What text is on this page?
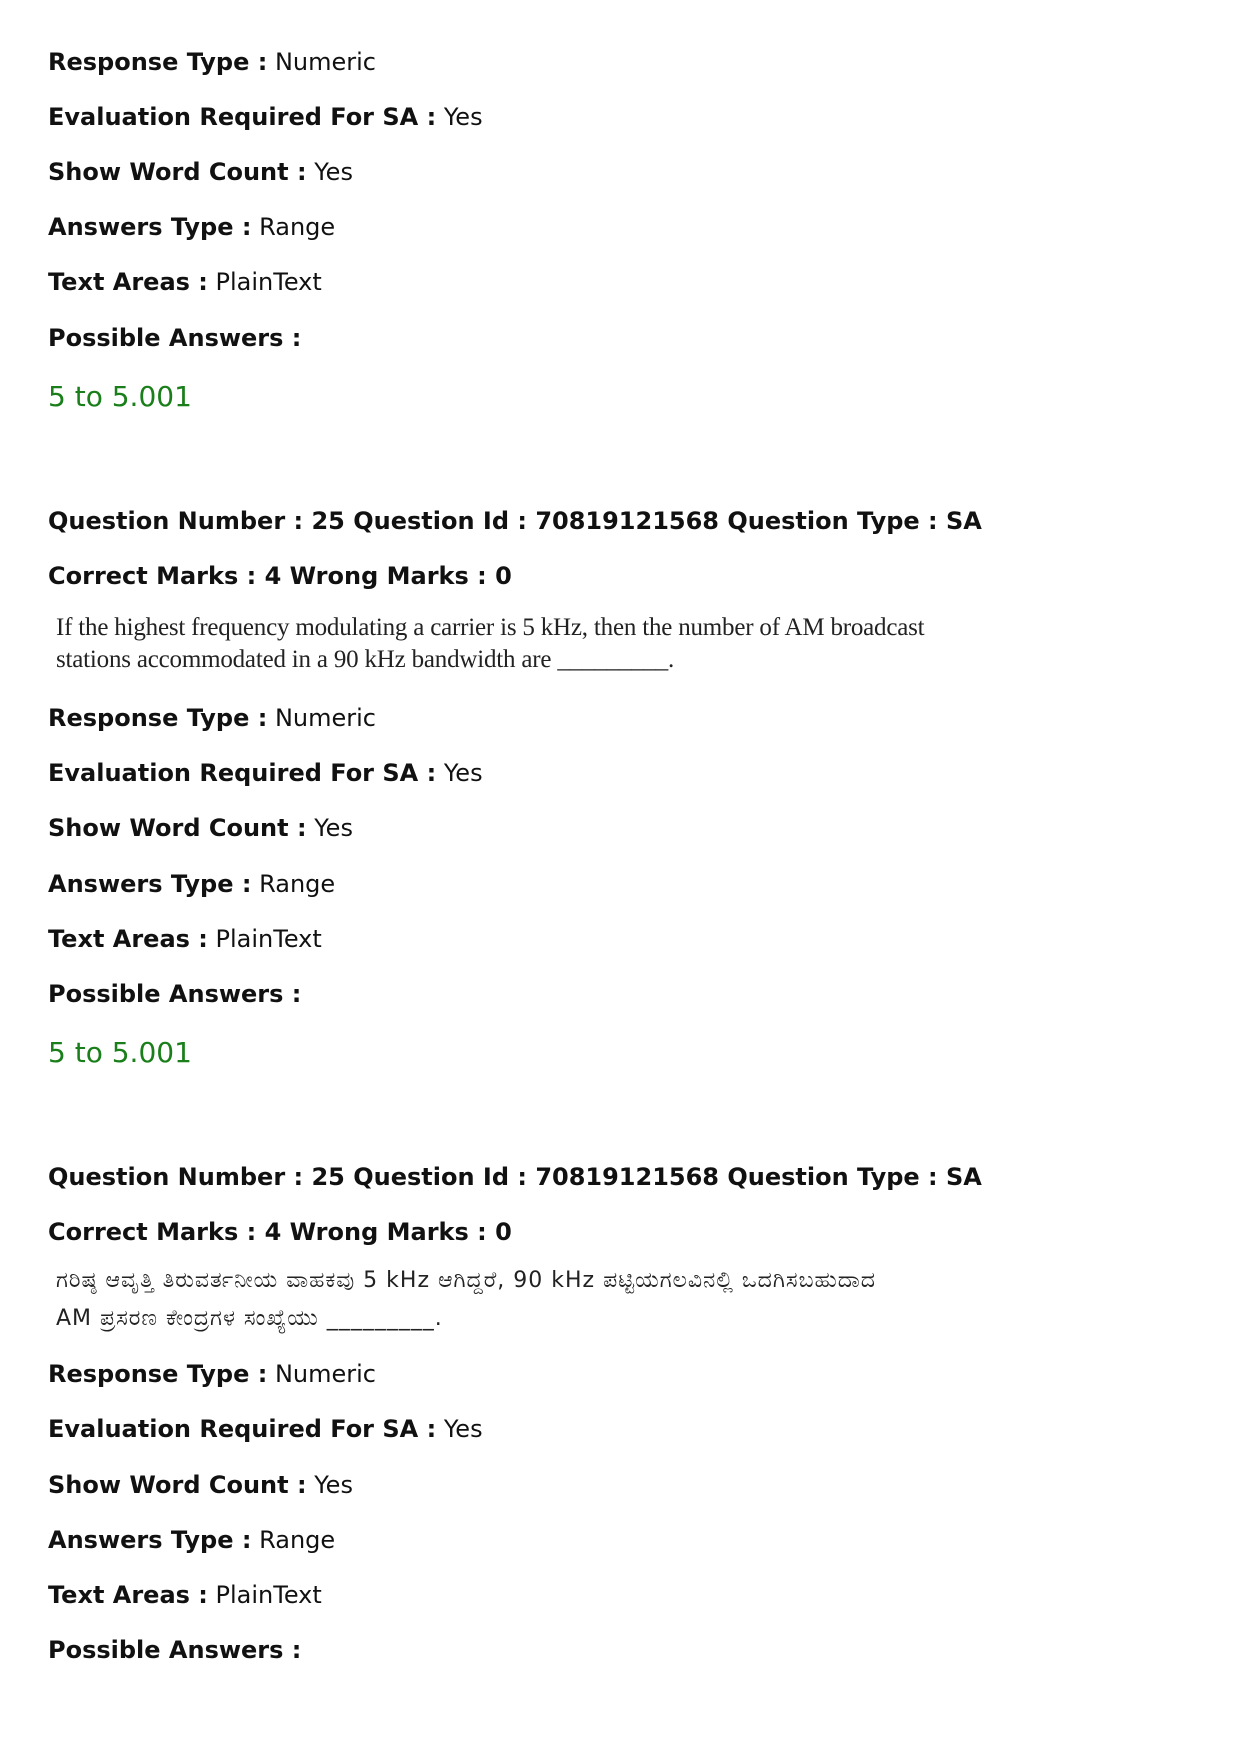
Response Type : Numeric
Evaluation Required For SA : Yes
Show Word Count : Yes
Answers Type : Range
Text Areas : PlainText
Possible Answers :
5 to 5.001
Question Number : 25 Question Id : 70819121568 Question Type : SA
Correct Marks : 4 Wrong Marks : 0
If the highest frequency modulating a carrier is 5 kHz, then the number of AM broadcast
stations accommodated in a 90 kHz bandwidth are _________.
Response Type : Numeric
Evaluation Required For SA : Yes
Show Word Count : Yes
Answers Type : Range
Text Areas : PlainText
Possible Answers :
5 to 5.001
Question Number : 25 Question Id : 70819121568 Question Type : SA
Correct Marks : 4 Wrong Marks : 0
ಗರಿಷ್ಠ ಆವೃತ್ತಿ ತಿರುವರ್ತನೀಯ ವಾಹಕವು 5 kHz ಆಗಿದ್ದರೆ, 90 kHz ಪಟ್ಟಿಯಗಲವಿನಲ್ಲಿ ಒದಗಿಸಬಹುದಾದ
AM ಪ್ರಸರಣ ಕೇಂದ್ರಗಳ ಸಂಖ್ಯೆಯು _________.
Response Type : Numeric
Evaluation Required For SA : Yes
Show Word Count : Yes
Answers Type : Range
Text Areas : PlainText
Possible Answers :
